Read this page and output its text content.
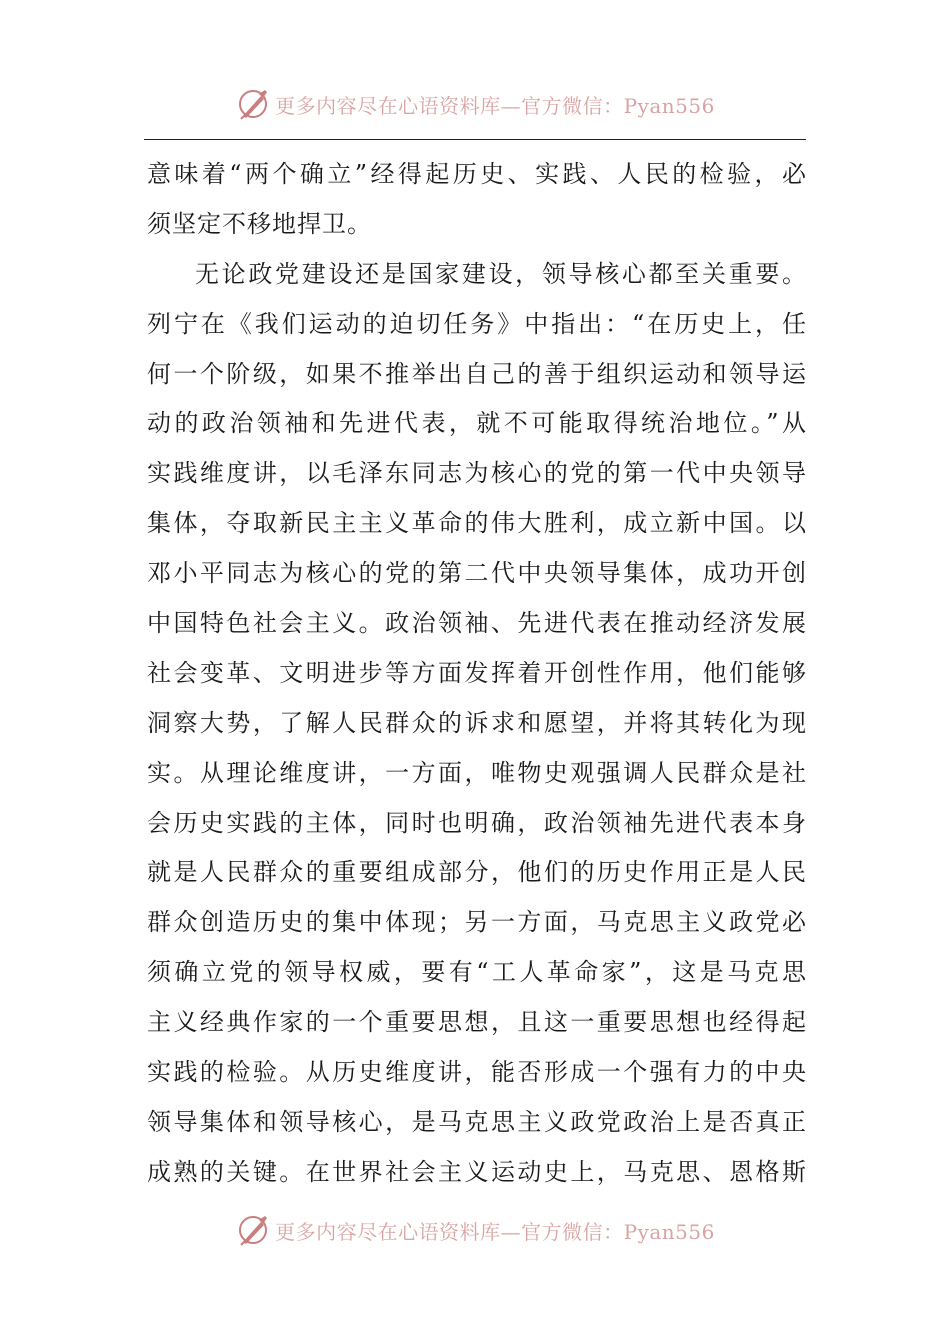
更多内容尽在心语资料库—官方微信：Pyan556
意味着“两个确立”经得起历史、实践、人民的检验，必
须坚定不移地捍卫。
无论政党建设还是国家建设，领导核心都至关重要。
列宁在《我们运动的迫切任务》中指出：“在历史上，任
何一个阶级，如果不推举出自己的善于组织运动和领导运
动的政治领袖和先进代表，就不可能取得统治地位。”从
实践维度讲，以毛泽东同志为核心的党的第一代中央领导
集体，夺取新民主主义革命的伟大胜利，成立新中国。以
邓小平同志为核心的党的第二代中央领导集体，成功开创
中国特色社会主义。政治领袖、先进代表在推动经济发展
社会变革、文明进步等方面发挥着开创性作用，他们能够
洞察大势，了解人民群众的诉求和愿望，并将其转化为现
实。从理论维度讲，一方面，唯物史观强调人民群众是社
会历史实践的主体，同时也明确，政治领袖先进代表本身
就是人民群众的重要组成部分，他们的历史作用正是人民
群众创造历史的集中体现；另一方面，马克思主义政党必
须确立党的领导权威，要有“工人革命家”，这是马克思
主义经典作家的一个重要思想，且这一重要思想也经得起
实践的检验。从历史维度讲，能否形成一个强有力的中央
领导集体和领导核心，是马克思主义政党政治上是否真正
成熟的关键。在世界社会主义运动史上，马克思、恩格斯
更多内容尽在心语资料库—官方微信：Pyan556
